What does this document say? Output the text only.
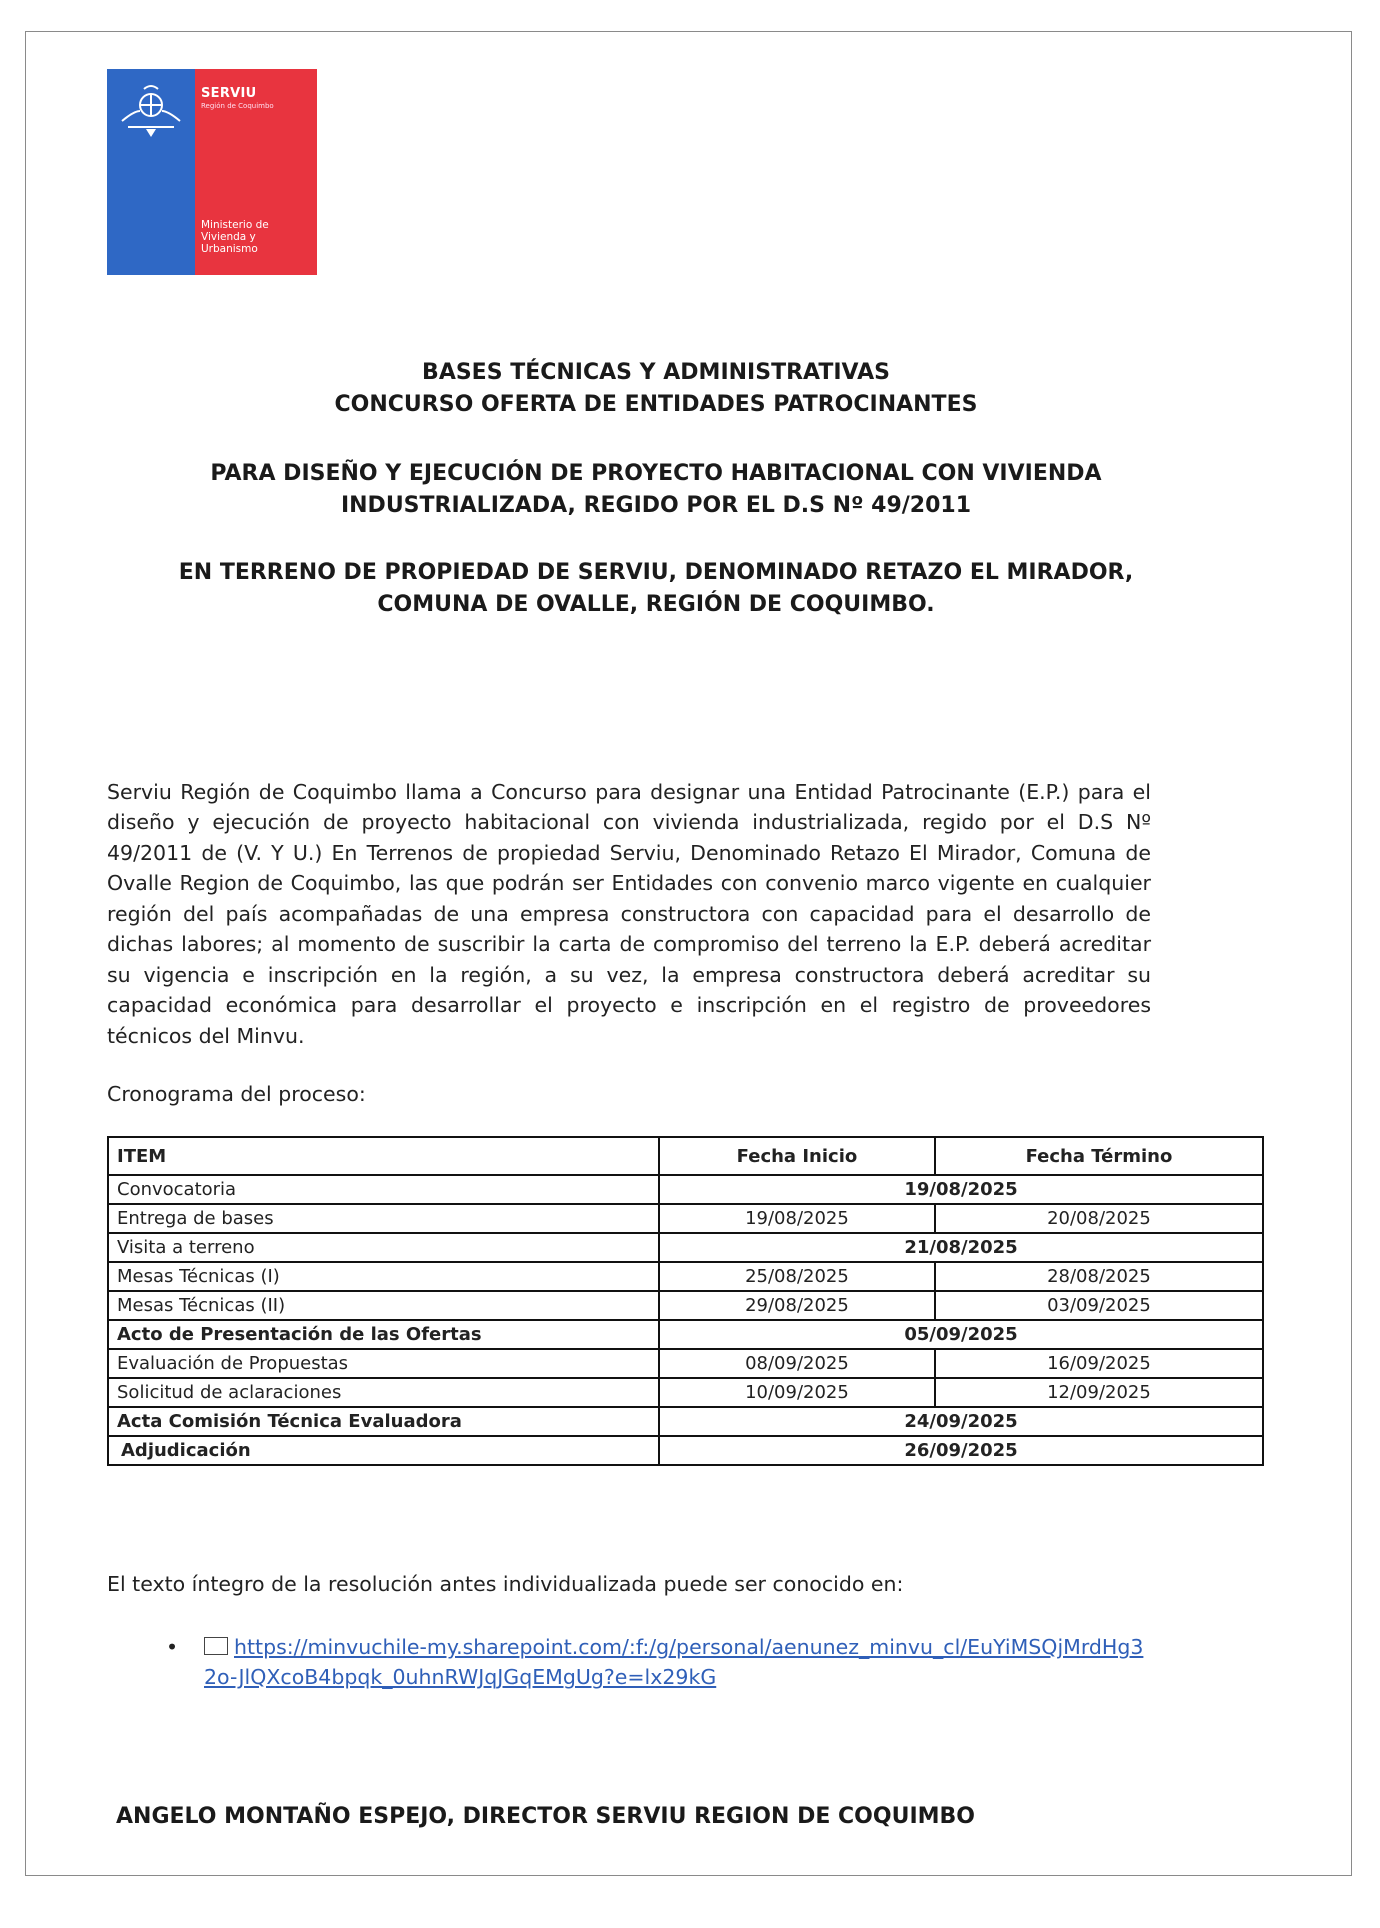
SERVIU
Región de Coquimbo
Ministerio de Vivienda y Urbanismo
BASES TÉCNICAS Y ADMINISTRATIVAS
CONCURSO OFERTA DE ENTIDADES PATROCINANTES
PARA DISEÑO Y EJECUCIÓN DE PROYECTO HABITACIONAL CON VIVIENDA
INDUSTRIALIZADA, REGIDO POR EL D.S Nº 49/2011
EN TERRENO DE PROPIEDAD DE SERVIU, DENOMINADO RETAZO EL MIRADOR,
COMUNA DE OVALLE, REGIÓN DE COQUIMBO.

Serviu Región de Coquimbo llama a Concurso para designar una Entidad Patrocinante (E.P.) para el diseño y ejecución de proyecto habitacional con vivienda industrializada, regido por el D.S Nº 49/2011 de (V. Y U.) En Terrenos de propiedad Serviu, Denominado Retazo El Mirador, Comuna de Ovalle Region de Coquimbo, las que podrán ser Entidades con convenio marco vigente en cualquier región del país acompañadas de una empresa constructora con capacidad para el desarrollo de dichas labores; al momento de suscribir la carta de compromiso del terreno la E.P. deberá acreditar su vigencia e inscripción en la región, a su vez, la empresa constructora deberá acreditar su capacidad económica para desarrollar el proyecto e inscripción en el registro de proveedores técnicos del Minvu.

Cronograma del proceso:
ITEM	Fecha Inicio	Fecha Término
Convocatoria	19/08/2025	
Entrega de bases	19/08/2025	20/08/2025
Visita a terreno	21/08/2025	
Mesas Técnicas (I)	25/08/2025	28/08/2025
Mesas Técnicas (II)	29/08/2025	03/09/2025
Acto de Presentación de las Ofertas	05/09/2025	
Evaluación de Propuestas	08/09/2025	16/09/2025
Solicitud de aclaraciones	10/09/2025	12/09/2025
Acta Comisión Técnica Evaluadora	24/09/2025	
Adjudicación	26/09/2025	
El texto íntegro de la resolución antes individualizada puede ser conocido en:
•	https://minvuchile-my.sharepoint.com/:f:/g/personal/aenunez_minvu_cl/EuYiMSQjMrdHg32o-JlQXcoB4bpqk_0uhnRWJqJGqEMgUg?e=lx29kG
ANGELO MONTAÑO ESPEJO, DIRECTOR SERVIU REGION DE COQUIMBO
